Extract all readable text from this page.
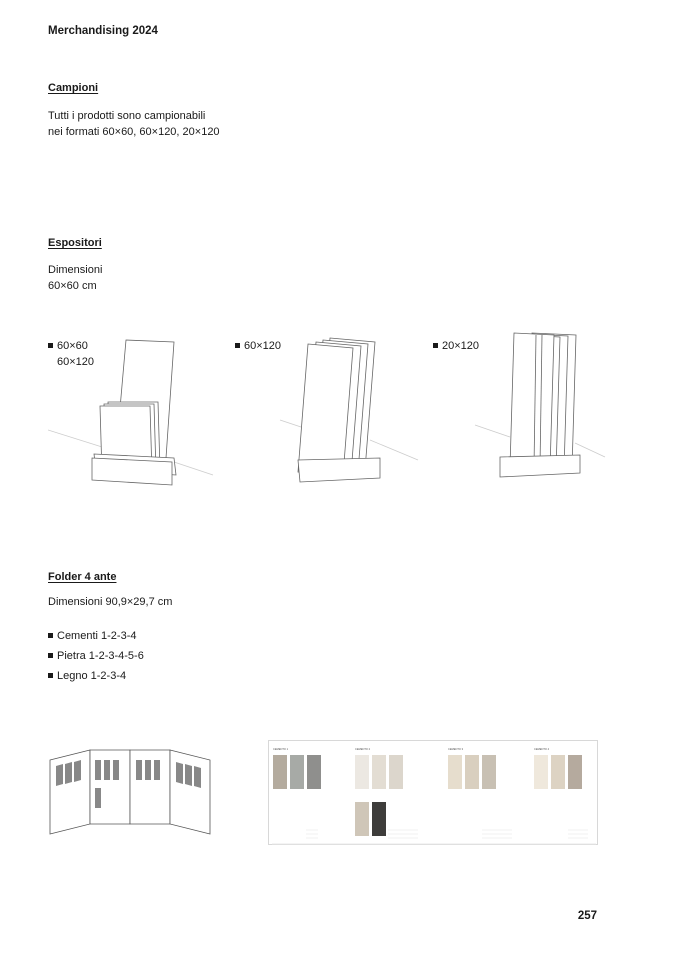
Merchandising 2024
Campioni
Tutti i prodotti sono campionabili
nei formati 60×60, 60×120, 20×120
Espositori
Dimensioni
60×60 cm
60×60
60×120
60×120	20×120
Folder 4 ante
Dimensioni 90,9×29,7 cm
Cementi 1-2-3-4
Pietra 1-2-3-4-5-6
Legno 1-2-3-4
CEMENTO 1	CEMENTO 2	CEMENTO 3	CEMENTO 4
257
